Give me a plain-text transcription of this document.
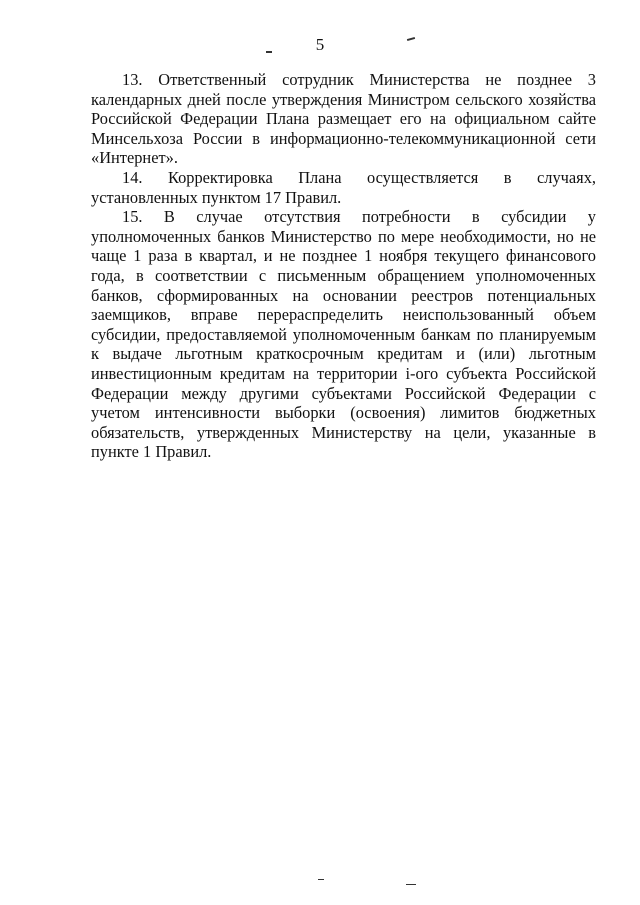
5

13. Ответственный сотрудник Министерства не позднее 3 календарных дней после утверждения Министром сельского хозяйства Российской Федерации Плана размещает его на официальном сайте Минсельхоза России в информационно-телекоммуникационной сети «Интернет».

14. Корректировка Плана осуществляется в случаях, установленных пунктом 17 Правил.

15. В случае отсутствия потребности в субсидии у уполномоченных банков Министерство по мере необходимости, но не чаще 1 раза в квартал, и не позднее 1 ноября текущего финансового года, в соответствии с письменным обращением уполномоченных банков, сформированных на основании реестров потенциальных заемщиков, вправе перераспределить неиспользованный объем субсидии, предоставляемой уполномоченным банкам по планируемым к выдаче льготным краткосрочным кредитам и (или) льготным инвестиционным кредитам на территории i-ого субъекта Российской Федерации между другими субъектами Российской Федерации с учетом интенсивности выборки (освоения) лимитов бюджетных обязательств, утвержденных Министерству на цели, указанные в пункте 1 Правил.
